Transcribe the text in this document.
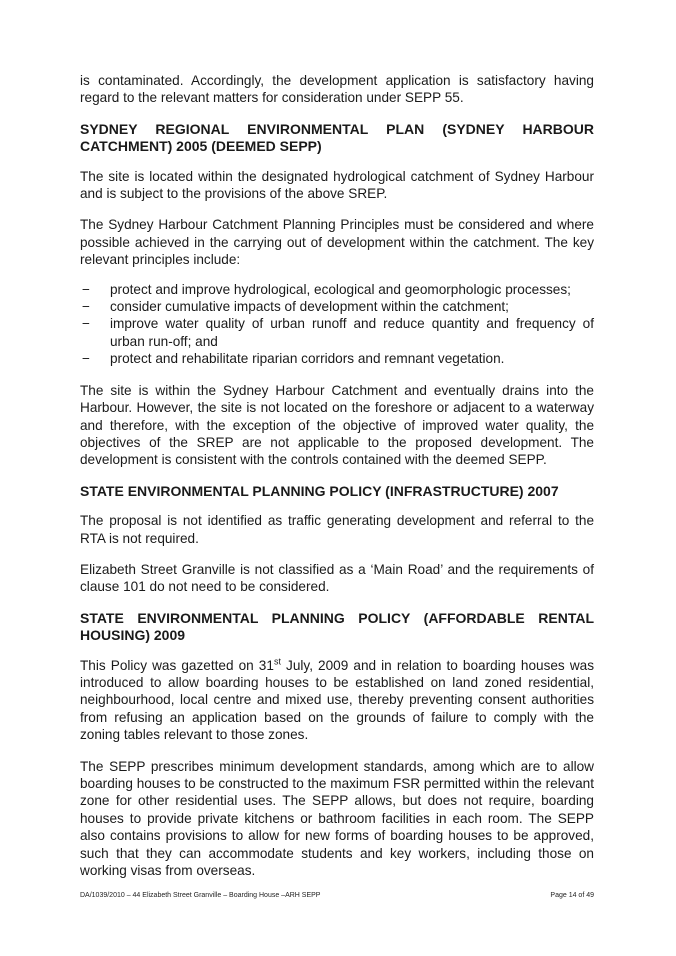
is contaminated. Accordingly, the development application is satisfactory having regard to the relevant matters for consideration under SEPP 55.

SYDNEY REGIONAL ENVIRONMENTAL PLAN (SYDNEY HARBOUR CATCHMENT) 2005 (DEEMED SEPP)

The site is located within the designated hydrological catchment of Sydney Harbour and is subject to the provisions of the above SREP.

The Sydney Harbour Catchment Planning Principles must be considered and where possible achieved in the carrying out of development within the catchment. The key relevant principles include:

− protect and improve hydrological, ecological and geomorphologic processes;
− consider cumulative impacts of development within the catchment;
− improve water quality of urban runoff and reduce quantity and frequency of urban run-off; and
− protect and rehabilitate riparian corridors and remnant vegetation.

The site is within the Sydney Harbour Catchment and eventually drains into the Harbour. However, the site is not located on the foreshore or adjacent to a waterway and therefore, with the exception of the objective of improved water quality, the objectives of the SREP are not applicable to the proposed development. The development is consistent with the controls contained with the deemed SEPP.

STATE ENVIRONMENTAL PLANNING POLICY (INFRASTRUCTURE) 2007

The proposal is not identified as traffic generating development and referral to the RTA is not required.

Elizabeth Street Granville is not classified as a ‘Main Road’ and the requirements of clause 101 do not need to be considered.

STATE ENVIRONMENTAL PLANNING POLICY (AFFORDABLE RENTAL HOUSING) 2009

This Policy was gazetted on 31st July, 2009 and in relation to boarding houses was introduced to allow boarding houses to be established on land zoned residential, neighbourhood, local centre and mixed use, thereby preventing consent authorities from refusing an application based on the grounds of failure to comply with the zoning tables relevant to those zones.

The SEPP prescribes minimum development standards, among which are to allow boarding houses to be constructed to the maximum FSR permitted within the relevant zone for other residential uses. The SEPP allows, but does not require, boarding houses to provide private kitchens or bathroom facilities in each room. The SEPP also contains provisions to allow for new forms of boarding houses to be approved, such that they can accommodate students and key workers, including those on working visas from overseas.

DA/1039/2010 – 44 Elizabeth Street Granville – Boarding House –ARH SEPP	Page 14 of 49
